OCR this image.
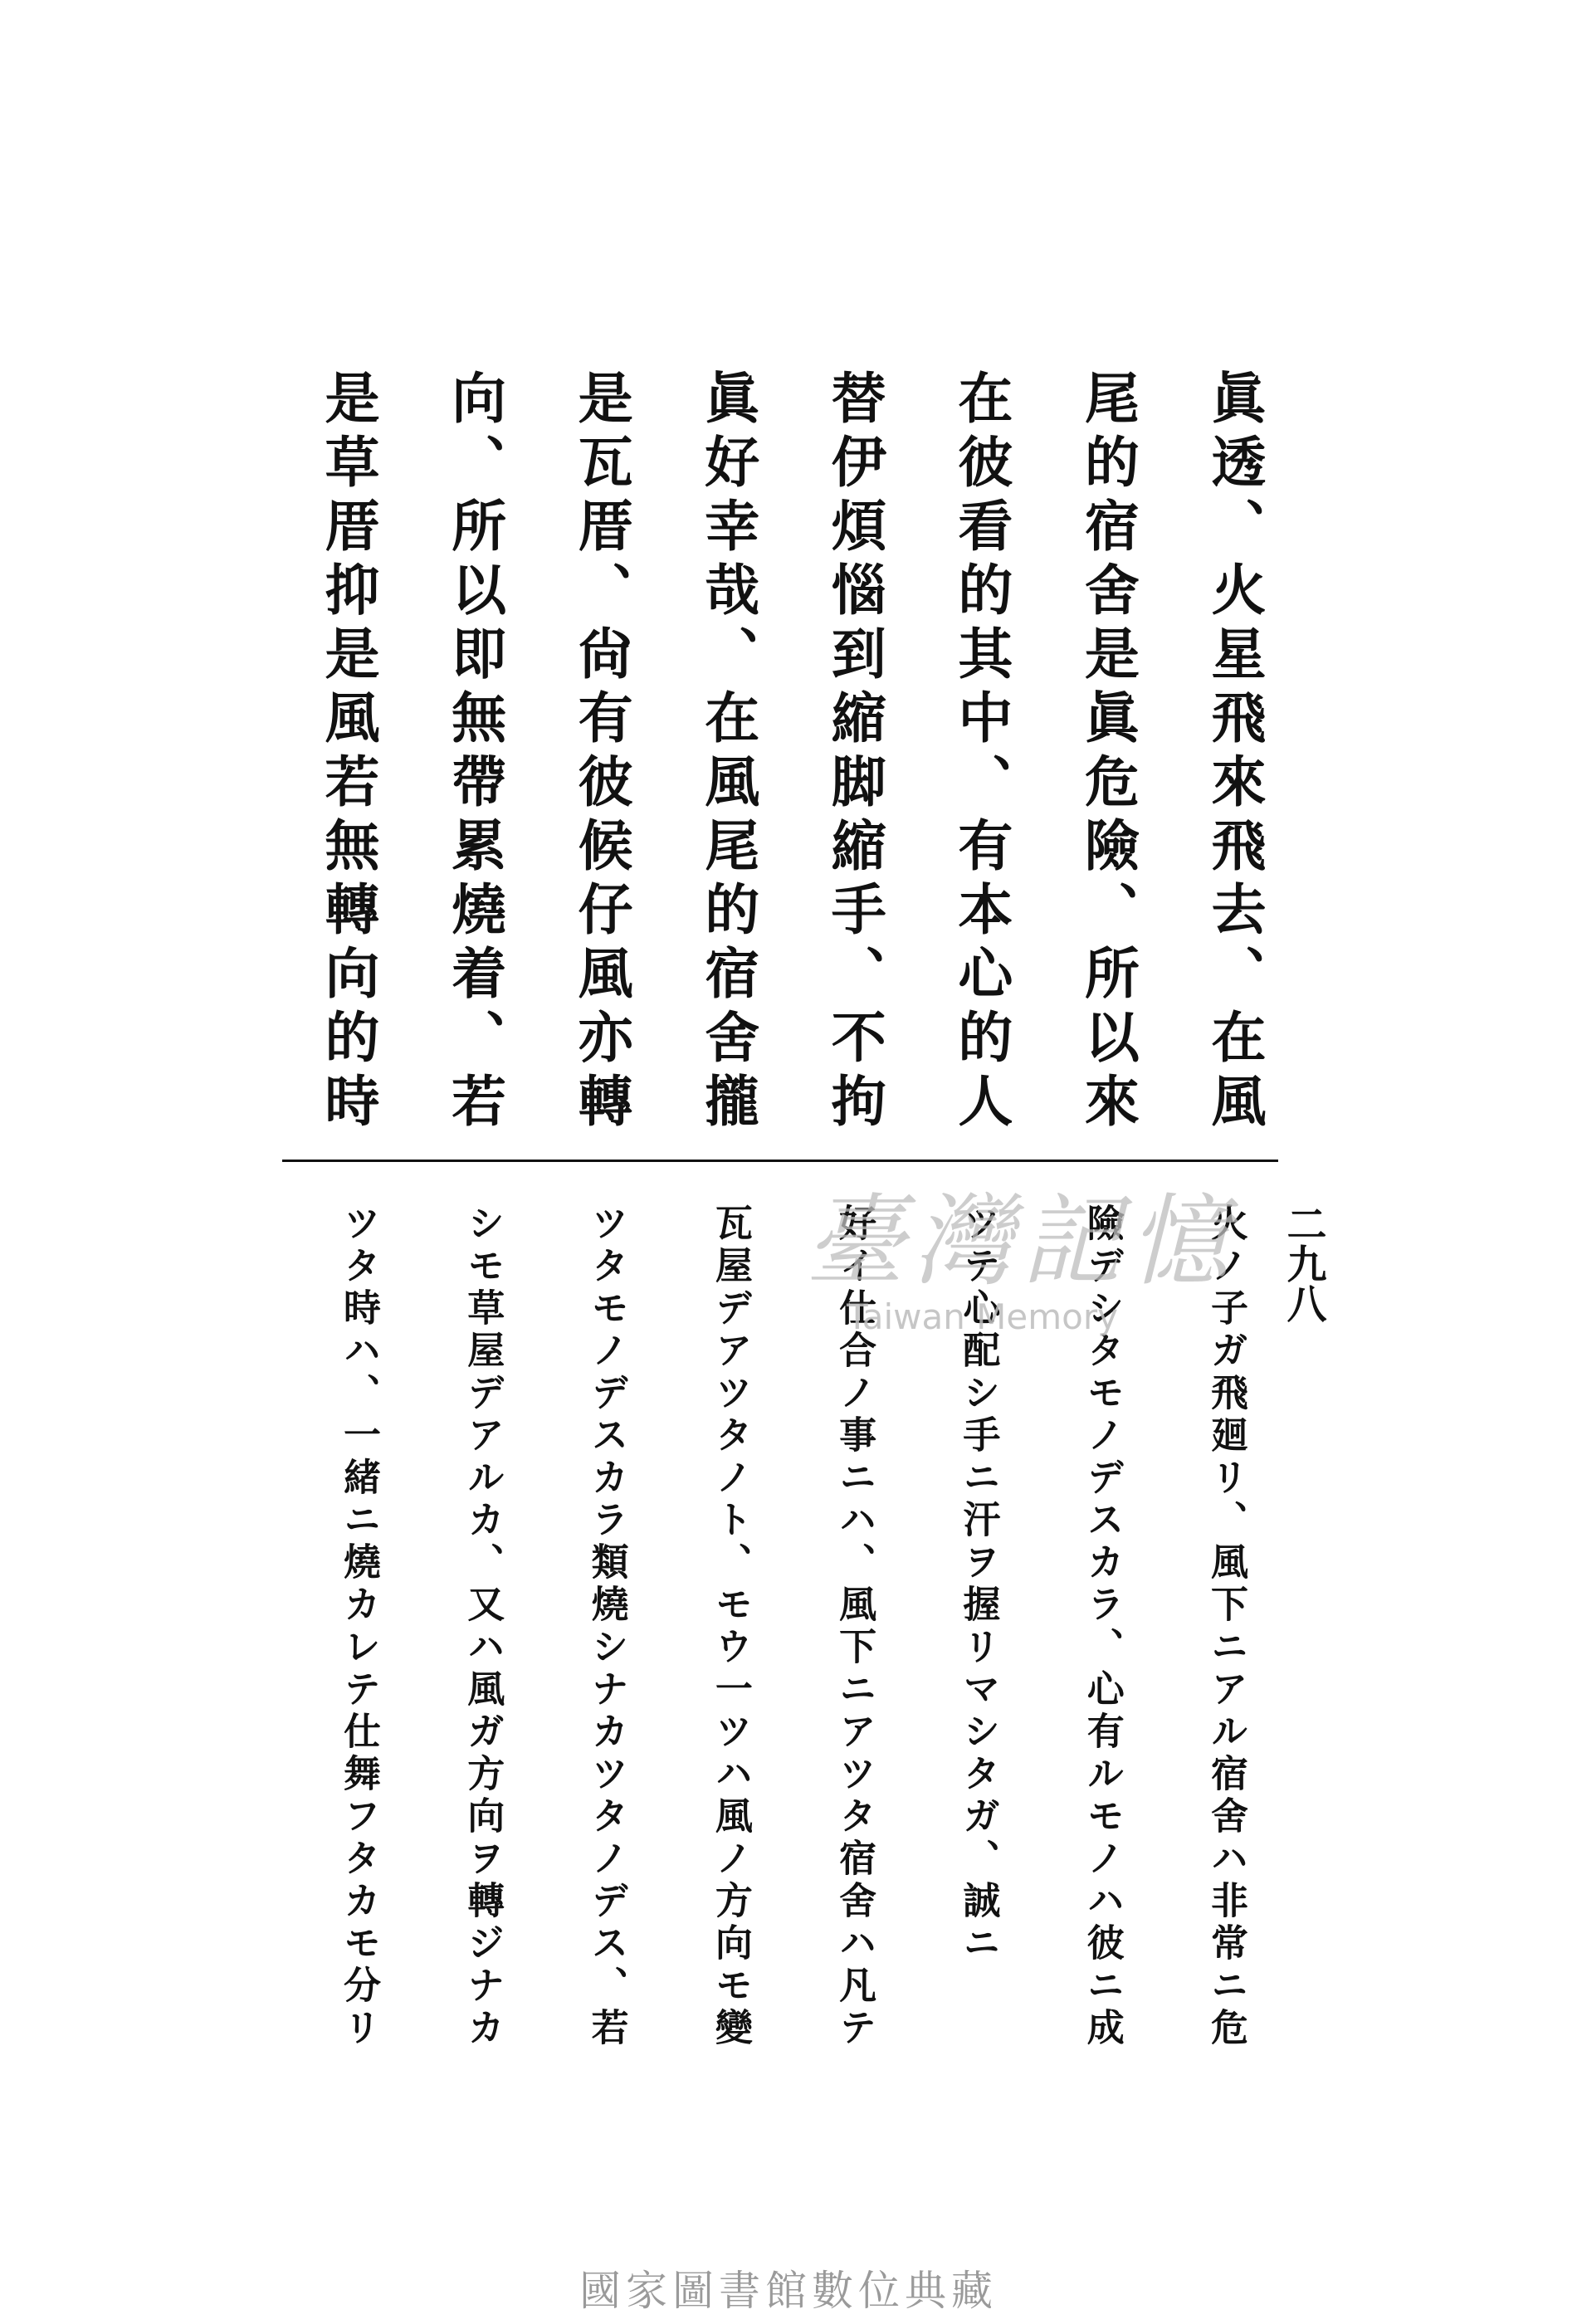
二九八
眞透、火星飛來飛去、在風
尾的宿舍是眞危險、所以來
在彼看的其中、有本心的人
替伊煩惱到縮脚縮手、不拘
眞好幸哉、在風尾的宿舍攏
是瓦厝、尙有彼候仔風亦轉
向、所以即無帶累燒着、若
是草厝抑是風若無轉向的時
火ノ子ガ飛廻リ、風下ニアル宿舍ハ非常ニ危
險デシタモノデスカラ、心有ルモノハ彼ニ成
ツテ心配シ手ニ汗ヲ握リマシタガ、誠ニ
好イ仕合ノ事ニハ、風下ニアツタ宿舍ハ凡テ
瓦屋デアツタノト、モウ一ツハ風ノ方向モ變
ツタモノデスカラ類燒シナカツタノデス、若
シモ草屋デアルカ、又ハ風ガ方向ヲ轉ジナカ
ツタ時ハ、一緒ニ燒カレテ仕舞フタカモ分リ	臺灣記憶
Taiwan Memory
國家圖書館數位典藏
